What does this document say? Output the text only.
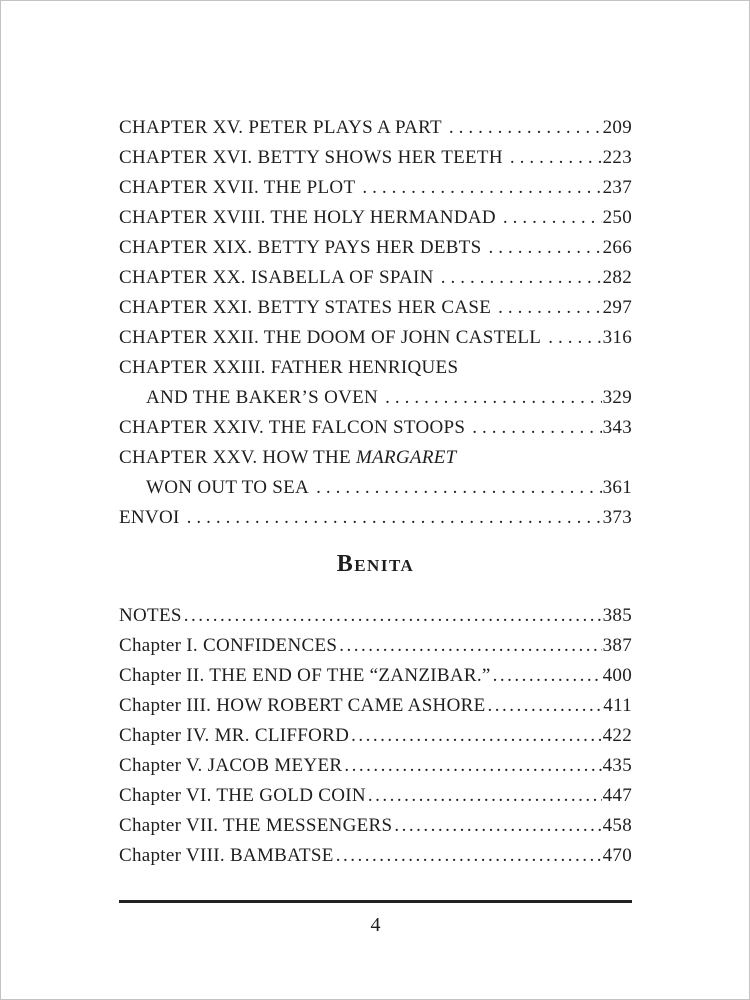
CHAPTER XV. PETER PLAYS A PART .....	209
CHAPTER XVI. BETTY SHOWS HER TEETH .....	223
CHAPTER XVII. THE PLOT .....	237
CHAPTER XVIII. THE HOLY HERMANDAD .....	250
CHAPTER XIX. BETTY PAYS HER DEBTS .....	266
CHAPTER XX. ISABELLA OF SPAIN .....	282
CHAPTER XXI. BETTY STATES HER CASE .....	297
CHAPTER XXII. THE DOOM OF JOHN CASTELL .....	316
CHAPTER XXIII. FATHER HENRIQUES
AND THE BAKER’S OVEN .....	329
CHAPTER XXIV. THE FALCON STOOPS .....	343
CHAPTER XXV. HOW THE MARGARET
WON OUT TO SEA .....	361
ENVOI .....	373
Benita
NOTES .....	385
Chapter I. CONFIDENCES .....	387
Chapter II. THE END OF THE “ZANZIBAR.” .....	400
Chapter III. HOW ROBERT CAME ASHORE .....	411
Chapter IV. MR. CLIFFORD .....	422
Chapter V. JACOB MEYER .....	435
Chapter VI. THE GOLD COIN .....	447
Chapter VII. THE MESSENGERS .....	458
Chapter VIII. BAMBATSE .....	470
4
